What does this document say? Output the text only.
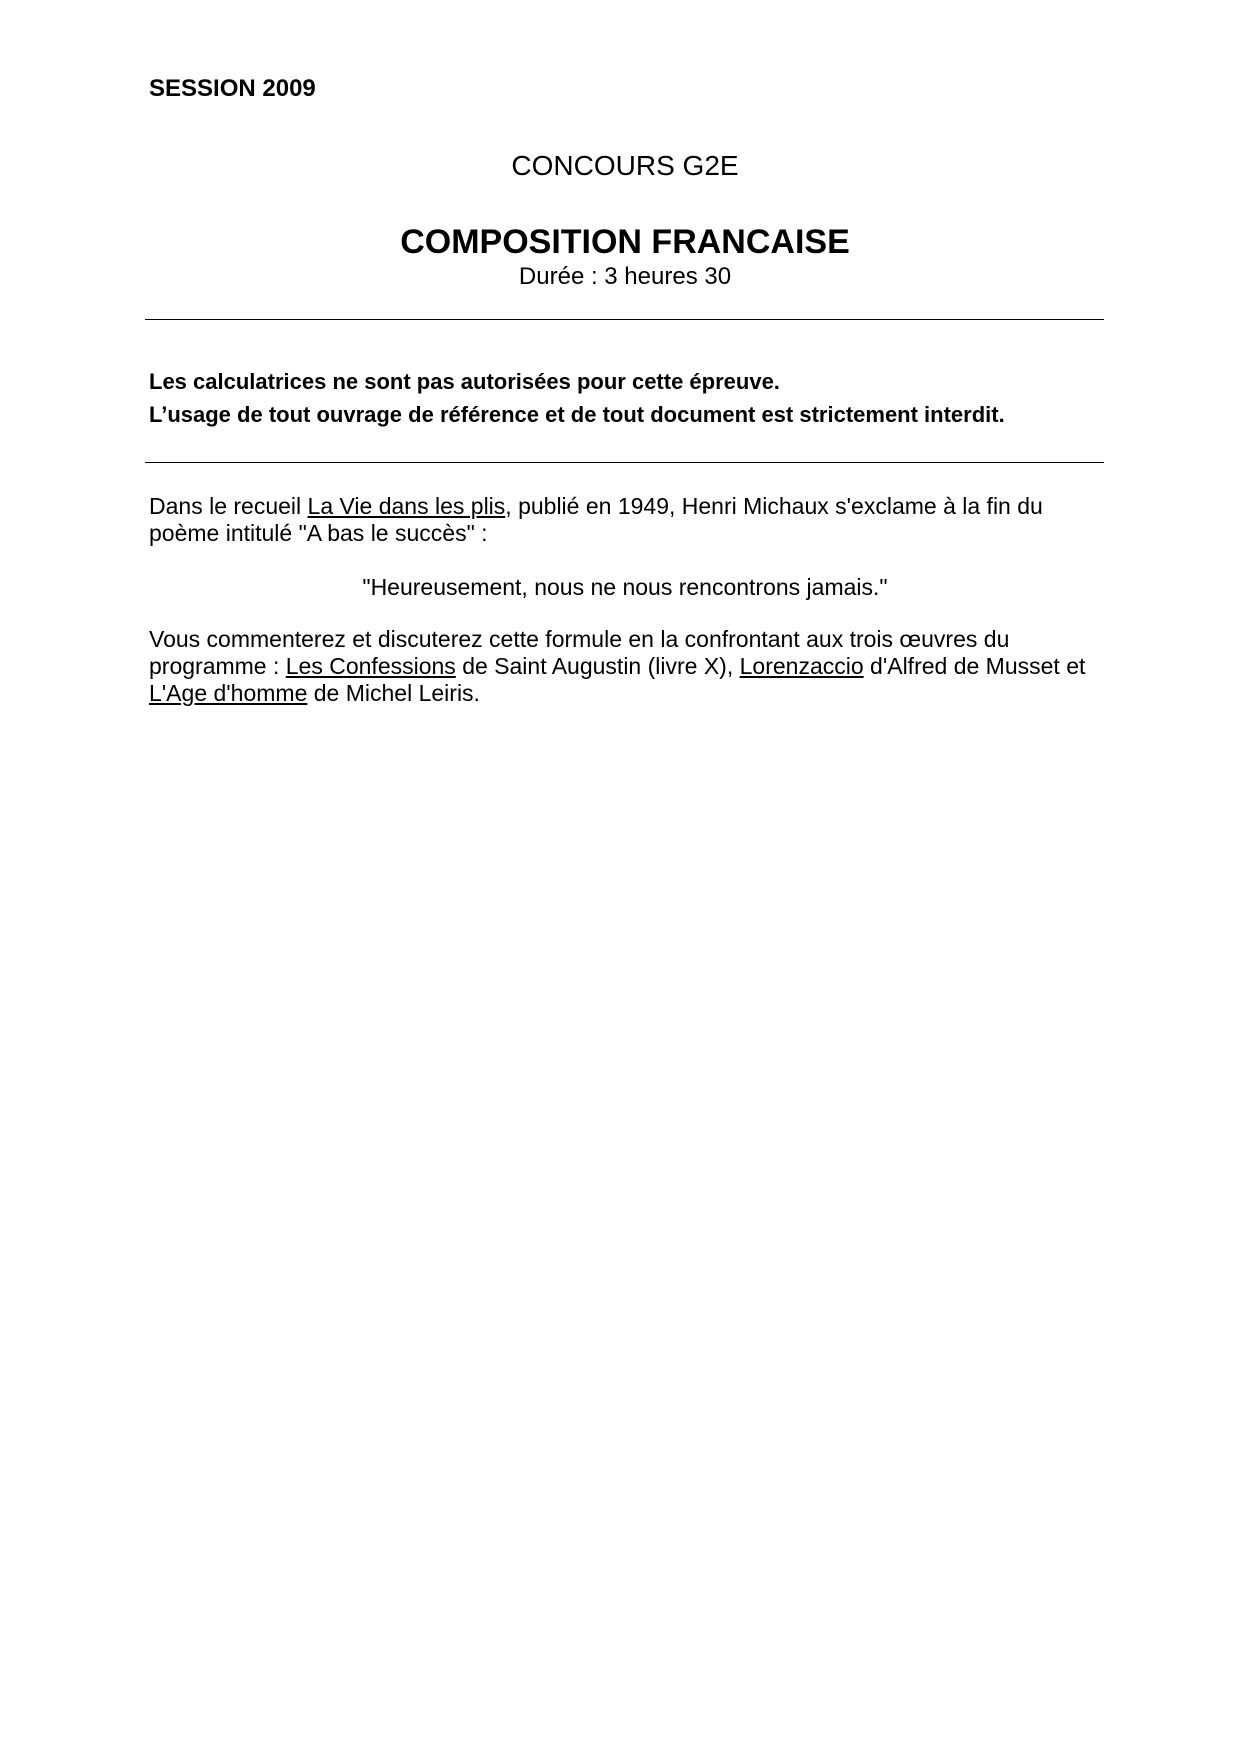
SESSION 2009
CONCOURS G2E
COMPOSITION FRANCAISE
Durée : 3 heures 30
Les calculatrices ne sont pas autorisées pour cette épreuve.
L’usage de tout ouvrage de référence et de tout document est strictement interdit.
Dans le recueil La Vie dans les plis, publié en 1949, Henri Michaux s'exclame à la fin du poème intitulé "A bas le succès" :
"Heureusement, nous ne nous rencontrons jamais."
Vous commenterez et discuterez cette formule en la confrontant aux trois œuvres du programme : Les Confessions de Saint Augustin (livre X), Lorenzaccio d'Alfred de Musset et L'Age d'homme de Michel Leiris.
